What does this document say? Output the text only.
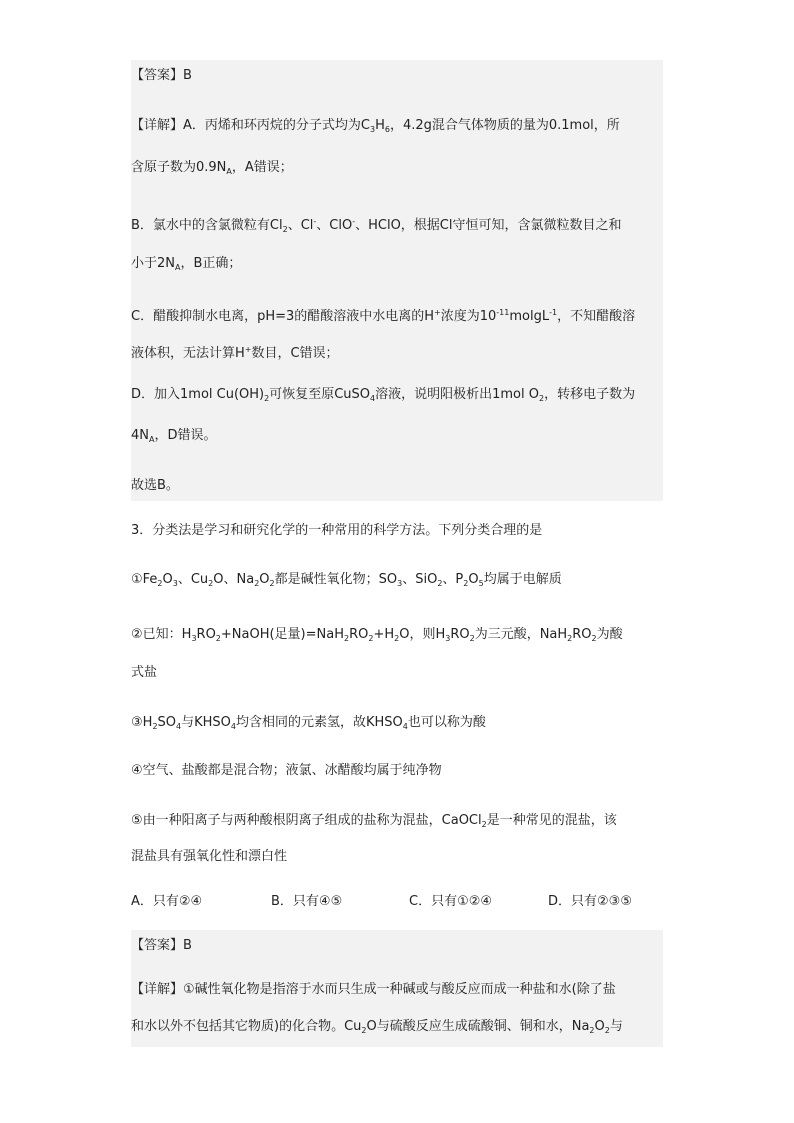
【答案】B
【详解】A．丙烯和环丙烷的分子式均为$C_3H_6$，4.2g混合气体物质的量为0.1mol，所
含原子数为$0.9N_A$，A错误；
B．氯水中的含氯微粒有$Cl_2$、Cl-、ClO-、HClO，根据Cl守恒可知，含氯微粒数目之和
小于$2N_A$，B正确；
C．醋酸抑制水电离，pH=3的醋酸溶液中水电离的H+浓度为$10^{-11}molgL^{-1}$，不知醋酸溶
液体积，无法计算H+数目，C错误；
D．加入1mol $Cu(OH)_2$可恢复至原CuSO$_4$溶液，说明阳极析出1mol $O_2$，转移电子数为
$4N_A$，D错误。
故选B。
3．分类法是学习和研究化学的一种常用的科学方法。下列分类合理的是
$①Fe_2O_3$、$Cu_2O$、$Na_2O_2$都是碱性氧化物；$SO_3$、SiO$_2$、$P_2O_5$均属于电解质
②已知：$H_3RO_2+NaOH$(足量)$=NaH_2RO_2+H_2O$，则$H_3RO_2$为三元酸，$NaH_2RO_2$为酸
式盐
$③H_2SO_4$与$KHSO_4$均含相同的元素氢，故$KHSO_4$也可以称为酸
④空气、盐酸都是混合物；液氯、冰醋酸均属于纯净物
⑤由一种阳离子与两种酸根阴离子组成的盐称为混盐，CaOCl$_2$是一种常见的混盐，该
混盐具有强氧化性和漂白性
A．只有②④	B．只有④⑤	C．只有①②④	D．只有②③⑤
【答案】B
【详解】①碱性氧化物是指溶于水而只生成一种碱或与酸反应而成一种盐和水(除了盐
和水以外不包括其它物质)的化合物。$Cu_2O$与硫酸反应生成硫酸铜、铜和水，$Na_2O_2$与
